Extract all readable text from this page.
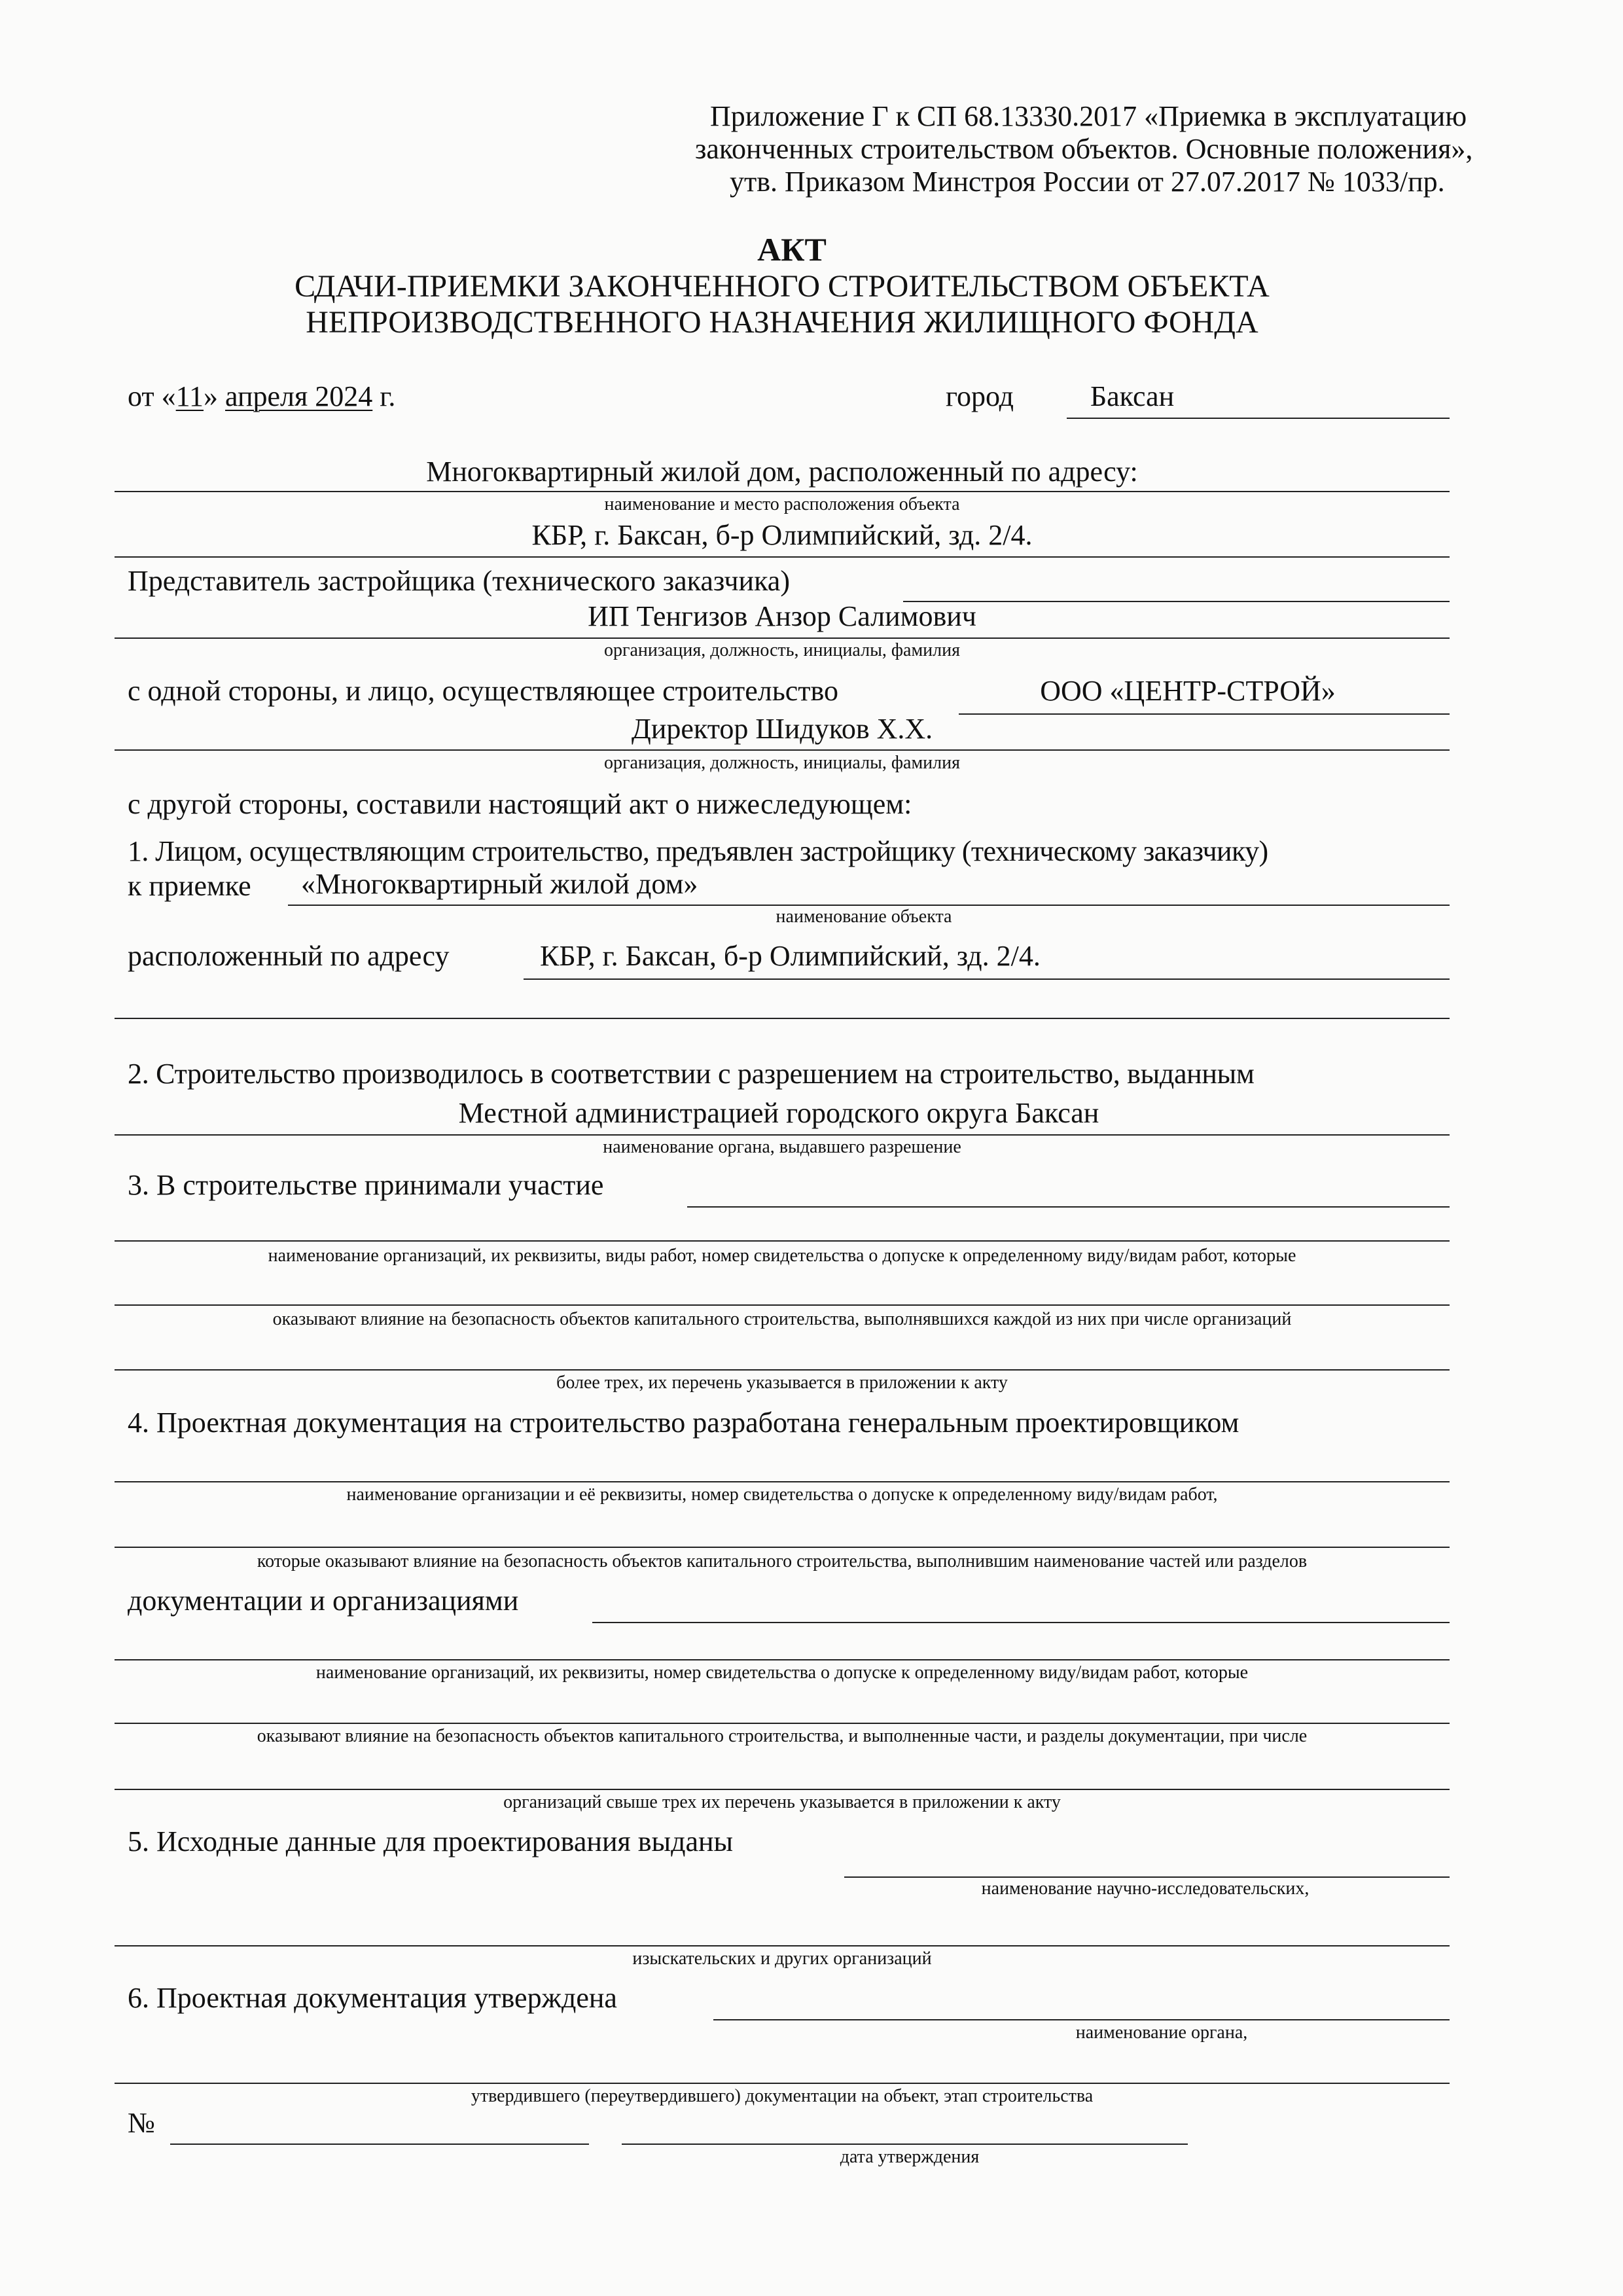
Приложение Г к СП 68.13330.2017 «Приемка в эксплуатацию
законченных строительством объектов. Основные положения»,
утв. Приказом Минстроя России от 27.07.2017 № 1033/пр.
АКТ
СДАЧИ-ПРИЕМКИ ЗАКОНЧЕННОГО СТРОИТЕЛЬСТВОМ ОБЪЕКТА
НЕПРОИЗВОДСТВЕННОГО НАЗНАЧЕНИЯ ЖИЛИЩНОГО ФОНДА
от «11» апреля 2024 г.	город	Баксан
Многоквартирный жилой дом, расположенный по адресу:
наименование и место расположения объекта
КБР, г. Баксан, б-р Олимпийский, зд. 2/4.
Представитель застройщика (технического заказчика)
ИП Тенгизов Анзор Салимович
организация, должность, инициалы, фамилия
с одной стороны, и лицо, осуществляющее строительство	ООО «ЦЕНТР-СТРОЙ»
Директор Шидуков Х.Х.
организация, должность, инициалы, фамилия
с другой стороны, составили настоящий акт о нижеследующем:
1. Лицом, осуществляющим строительство, предъявлен застройщику (техническому заказчику)
к приемке «Многоквартирный жилой дом»
наименование объекта
расположенный по адресу	КБР, г. Баксан, б-р Олимпийский, зд. 2/4.
2. Строительство производилось в соответствии с разрешением на строительство, выданным
Местной администрацией городского округа Баксан
наименование органа, выдавшего разрешение
3. В строительстве принимали участие
наименование организаций, их реквизиты, виды работ, номер свидетельства о допуске к определенному виду/видам работ, которые
оказывают влияние на безопасность объектов капитального строительства, выполнявшихся каждой из них при числе организаций
более трех, их перечень указывается в приложении к акту
4. Проектная документация на строительство разработана генеральным проектировщиком
наименование организации и её реквизиты, номер свидетельства о допуске к определенному виду/видам работ,
которые оказывают влияние на безопасность объектов капитального строительства, выполнившим наименование частей или разделов
документации и организациями
наименование организаций, их реквизиты, номер свидетельства о допуске к определенному виду/видам работ, которые
оказывают влияние на безопасность объектов капитального строительства, и выполненные части, и разделы документации, при числе
организаций свыше трех их перечень указывается в приложении к акту
5. Исходные данные для проектирования выданы
наименование научно-исследовательских,
изыскательских и других организаций
6. Проектная документация утверждена
наименование органа,
утвердившего (переутвердившего) документации на объект, этап строительства
№
дата утверждения
